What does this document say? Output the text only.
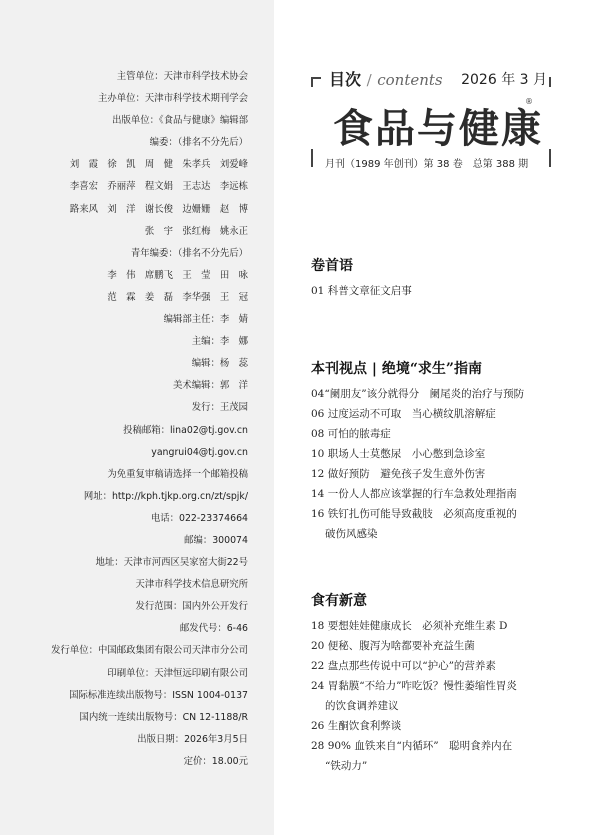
主管单位：天津市科学技术协会
主办单位：天津市科学技术期刊学会
出版单位：《食品与健康》编辑部
编委：（排名不分先后）
刘　霞　徐　凯　周　健　朱孝兵　刘爱峰
李喜宏　乔丽萍　程文娟　王志达　李远栋
路来风　刘　洋　谢长俊　边姗姗　赵　博
张　宇　张红梅　姚永正
青年编委：（排名不分先后）
李　伟　席鹏飞　王　莹　田　咏
范　霖　姜　磊　李华强　王　冠
编辑部主任：李　婧
主编：李　娜
编辑：杨　蕊
美术编辑：郭　洋
发行：王茂园
投稿邮箱：lina02@tj.gov.cn
yangrui04@tj.gov.cn
为免重复审稿请选择一个邮箱投稿
网址：http://kph.tjkp.org.cn/zt/spjk/
电话：022-23374664
邮编：300074
地址：天津市河西区吴家窑大街22号
天津市科学技术信息研究所
发行范围：国内外公开发行
邮发代号：6-46
发行单位：中国邮政集团有限公司天津市分公司
印刷单位：天津恒远印刷有限公司
国际标准连续出版物号：ISSN 1004-0137
国内统一连续出版物号：CN 12-1188/R
出版日期：2026年3月5日
定价：18.00元
目次 / contents 2026 年 3 月
食品与健康
®
月刊（1989 年创刊）第 38 卷　总第 388 期
卷首语
01 科普文章征文启事
本刊视点 | 绝境“求生”指南
04“阑朋友”该分就得分　阑尾炎的治疗与预防
06 过度运动不可取　当心横纹肌溶解症
08 可怕的脓毒症
10 职场人士莫憋尿　小心憋到急诊室
12 做好预防　避免孩子发生意外伤害
14 一份人人都应该掌握的行车急救处理指南
16 铁钉扎伤可能导致截肢　必须高度重视的
破伤风感染
食有新意
18 要想娃娃健康成长　必须补充维生素 D
20 便秘、腹泻为啥都要补充益生菌
22 盘点那些传说中可以“护心”的营养素
24 胃黏膜“不给力”咋吃饭？慢性萎缩性胃炎
的饮食调养建议
26 生酮饮食利弊谈
28 90% 血铁来自“内循环”　聪明食养内在
“铁动力”
